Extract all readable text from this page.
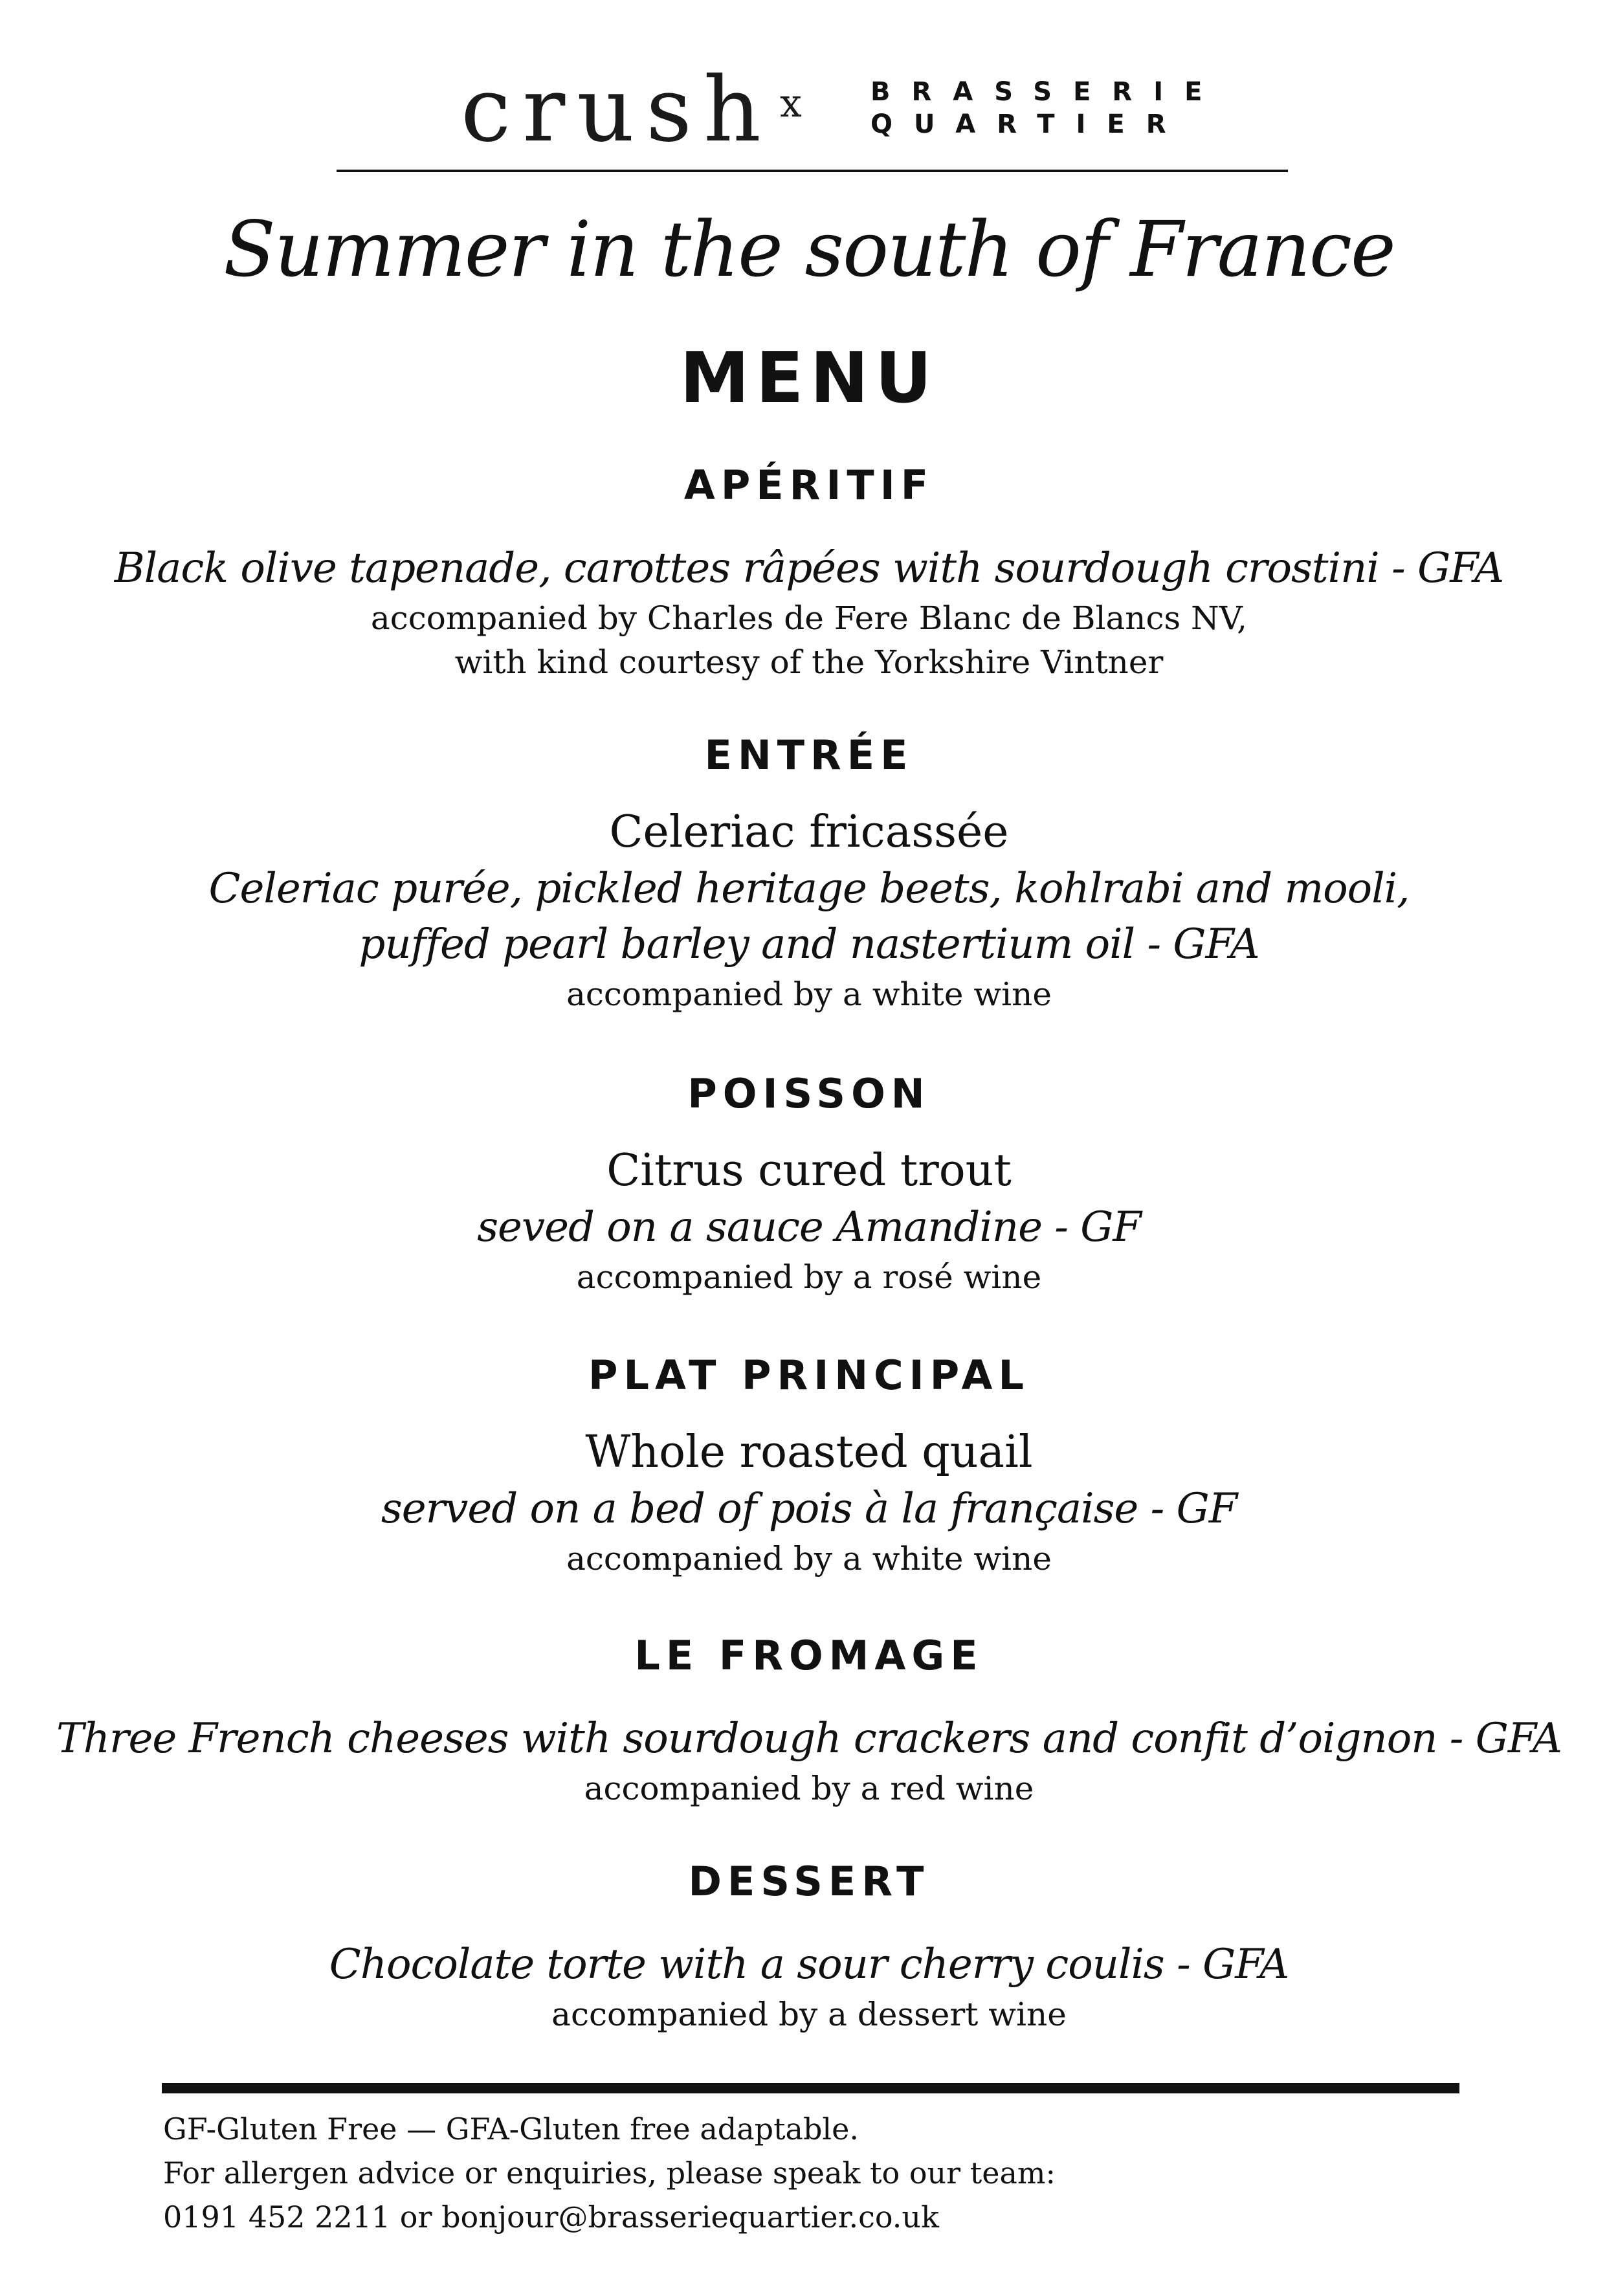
crush x	BRASSERIE
QUARTIER
Summer in the south of France
MENU
APÉRITIF
Black olive tapenade, carottes râpées with sourdough crostini - GFA
accompanied by Charles de Fere Blanc de Blancs NV,
with kind courtesy of the Yorkshire Vintner
ENTRÉE
Celeriac fricassée
Celeriac purée, pickled heritage beets, kohlrabi and mooli,
puffed pearl barley and nastertium oil - GFA
accompanied by a white wine
POISSON
Citrus cured trout
seved on a sauce Amandine - GF
accompanied by a rosé wine
PLAT PRINCIPAL
Whole roasted quail
served on a bed of pois à la française - GF
accompanied by a white wine
LE FROMAGE
Three French cheeses with sourdough crackers and confit d’oignon - GFA
accompanied by a red wine
DESSERT
Chocolate torte with a sour cherry coulis - GFA
accompanied by a dessert wine
GF-Gluten Free — GFA-Gluten free adaptable.
For allergen advice or enquiries, please speak to our team:
0191 452 2211 or bonjour@brasseriequartier.co.uk
